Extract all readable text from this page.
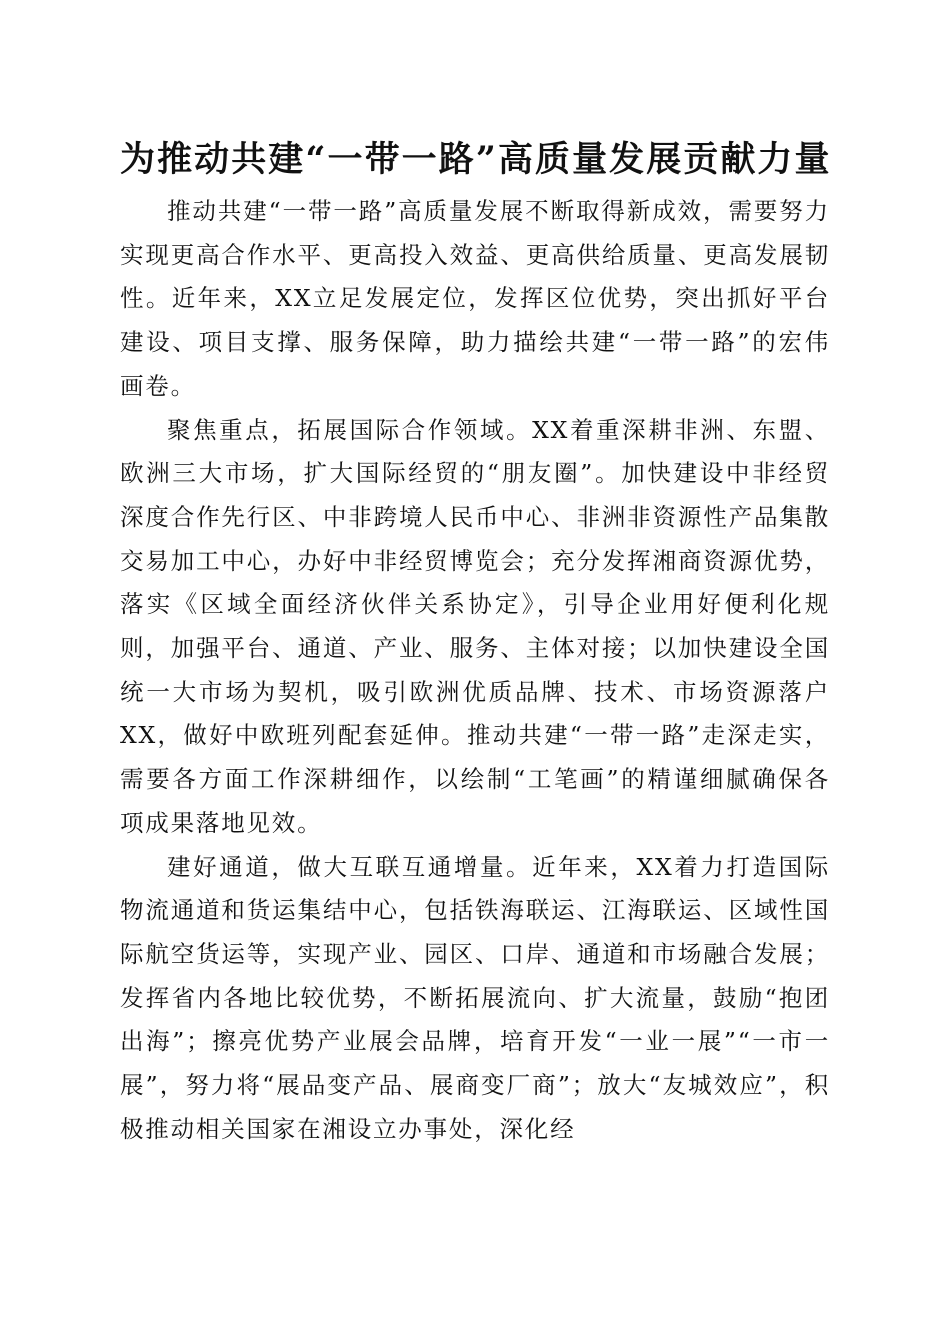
为推动共建“一带一路”高质量发展贡献力量

推动共建“一带一路”高质量发展不断取得新成效，需要努力实现更高合作水平、更高投入效益、更高供给质量、更高发展韧性。近年来，XX立足发展定位，发挥区位优势，突出抓好平台建设、项目支撑、服务保障，助力描绘共建“一带一路”的宏伟画卷。

聚焦重点，拓展国际合作领域。XX着重深耕非洲、东盟、欧洲三大市场，扩大国际经贸的“朋友圈”。加快建设中非经贸深度合作先行区、中非跨境人民币中心、非洲非资源性产品集散交易加工中心，办好中非经贸博览会；充分发挥湘商资源优势，落实《区域全面经济伙伴关系协定》，引导企业用好便利化规则，加强平台、通道、产业、服务、主体对接；以加快建设全国统一大市场为契机，吸引欧洲优质品牌、技术、市场资源落户XX，做好中欧班列配套延伸。推动共建“一带一路”走深走实，需要各方面工作深耕细作，以绘制“工笔画”的精谨细腻确保各项成果落地见效。

建好通道，做大互联互通增量。近年来，XX着力打造国际物流通道和货运集结中心，包括铁海联运、江海联运、区域性国际航空货运等，实现产业、园区、口岸、通道和市场融合发展；发挥省内各地比较优势，不断拓展流向、扩大流量，鼓励“抱团出海”；擦亮优势产业展会品牌，培育开发“一业一展”“一市一展”，努力将“展品变产品、展商变厂商”；放大“友城效应”，积极推动相关国家在湘设立办事处，深化经
